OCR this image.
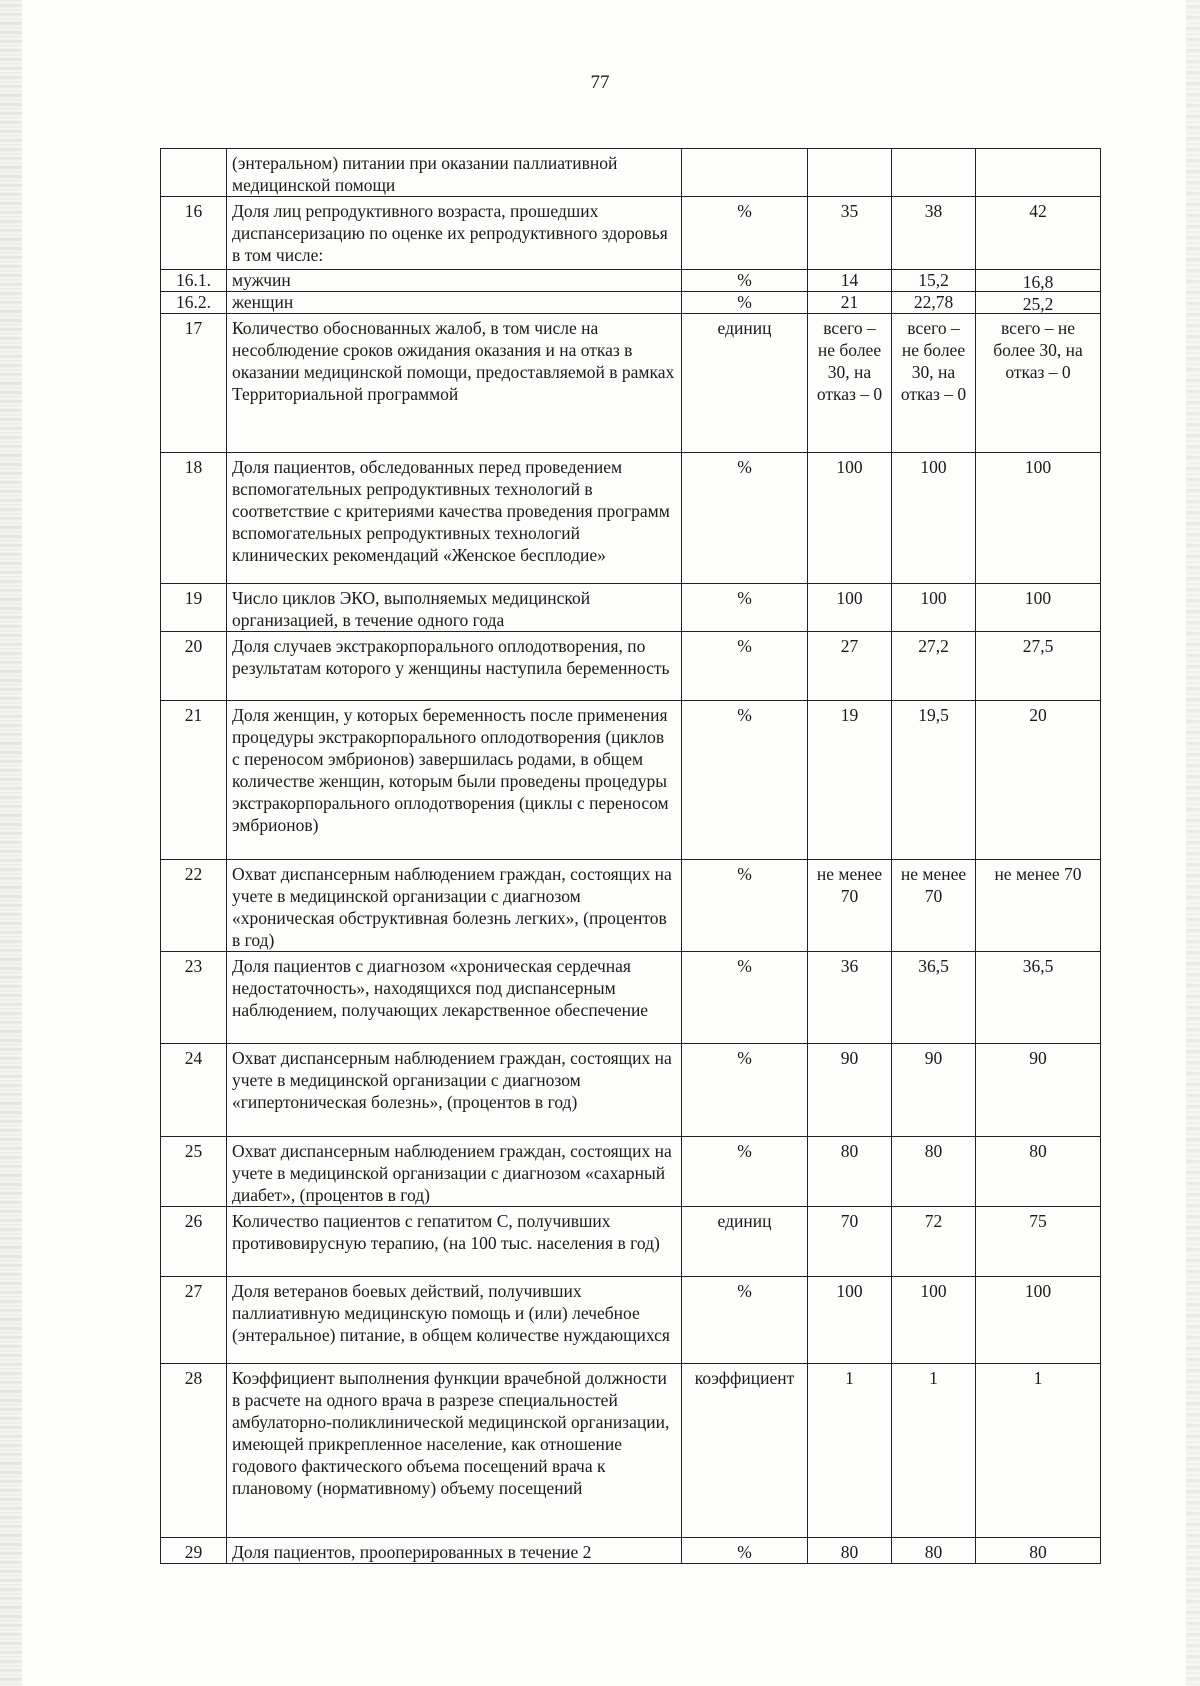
77
	(энтеральном) питании при оказании паллиативной медицинской помощи				
16	Доля лиц репродуктивного возраста, прошедших диспансеризацию по оценке их репродуктивного здоровья в том числе:	%	35	38	42
16.1.	мужчин	%	14	15,2	16,8
16.2.	женщин	%	21	22,78	25,2
17	Количество обоснованных жалоб, в том числе на несоблюдение сроков ожидания оказания и на отказ в оказании медицинской помощи, предоставляемой в рамках Территориальной программой	единиц	всего – не более 30, на отказ – 0	всего – не более 30, на отказ – 0	всего – не более 30, на отказ – 0
18	Доля пациентов, обследованных перед проведением вспомогательных репродуктивных технологий в соответствие с критериями качества проведения программ вспомогательных репродуктивных технологий клинических рекомендаций «Женское бесплодие»	%	100	100	100
19	Число циклов ЭКО, выполняемых медицинской организацией, в течение одного года	%	100	100	100
20	Доля случаев экстракорпорального оплодотворения, по результатам которого у женщины наступила беременность	%	27	27,2	27,5
21	Доля женщин, у которых беременность после применения процедуры экстракорпорального оплодотворения (циклов с переносом эмбрионов) завершилась родами, в общем количестве женщин, которым были проведены процедуры экстракорпорального оплодотворения (циклы с переносом эмбрионов)	%	19	19,5	20
22	Охват диспансерным наблюдением граждан, состоящих на учете в медицинской организации с диагнозом «хроническая обструктивная болезнь легких», (процентов в год)	%	не менее 70	не менее 70	не менее 70
23	Доля пациентов с диагнозом «хроническая сердечная недостаточность», находящихся под диспансерным наблюдением, получающих лекарственное обеспечение	%	36	36,5	36,5
24	Охват диспансерным наблюдением граждан, состоящих на учете в медицинской организации с диагнозом «гипертоническая болезнь», (процентов в год)	%	90	90	90
25	Охват диспансерным наблюдением граждан, состоящих на учете в медицинской организации с диагнозом «сахарный диабет», (процентов в год)	%	80	80	80
26	Количество пациентов с гепатитом С, получивших противовирусную терапию, (на 100 тыс. населения в год)	единиц	70	72	75
27	Доля ветеранов боевых действий, получивших паллиативную медицинскую помощь и (или) лечебное (энтеральное) питание, в общем количестве нуждающихся	%	100	100	100
28	Коэффициент выполнения функции врачебной должности в расчете на одного врача в разрезе специальностей амбулаторно-поликлинической медицинской организации, имеющей прикрепленное население, как отношение годового фактического объема посещений врача к плановому (нормативному) объему посещений	коэффициент	1	1	1
29	Доля пациентов, прооперированных в течение 2	%	80	80	80
